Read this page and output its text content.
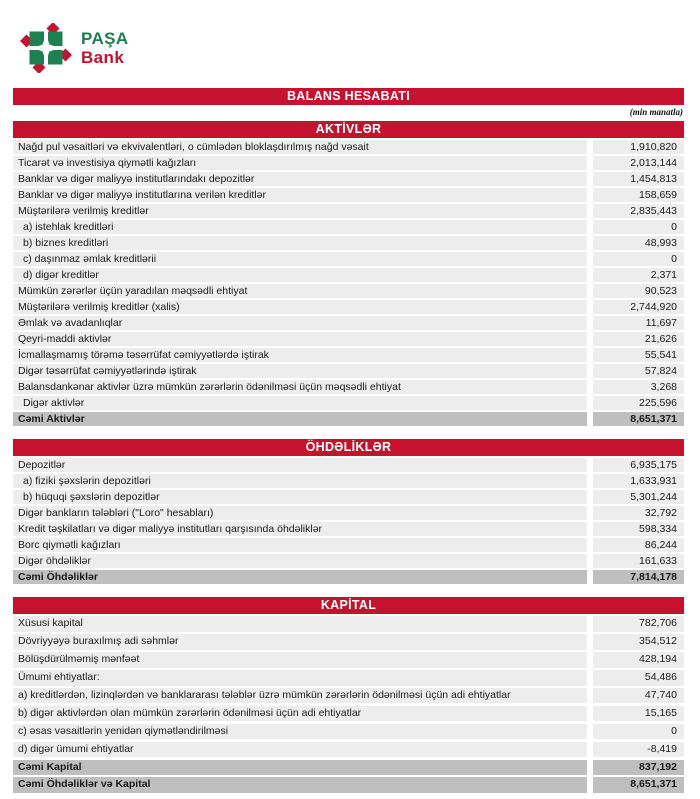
PAŞA
Bank
BALANS HESABATI
(min manatla)
AKTİVLƏR
Nağd pul vəsaitləri və ekvivalentləri, o cümlədən bloklaşdırılmış nağd vəsait	1,910,820
Ticarət və investisiya qiymətli kağızları	2,013,144
Banklar və digər maliyyə institutlarındakı depozitlər	1,454,813
Banklar və digər maliyyə institutlarına verilən kreditlər	158,659
Müştərilərə verilmiş kreditlər	2,835,443
a) istehlak kreditləri	0
b) biznes kreditləri	48,993
c) daşınmaz əmlak kreditlərii	0
d) digər kreditlər	2,371
Mümkün zərərlər üçün yaradılan məqsədli ehtiyat	90,523
Müştərilərə verilmiş kreditlər (xalis)	2,744,920
Əmlak və avadanlıqlar	11,697
Qeyri-maddi aktivlər	21,626
İcmallaşmamış törəmə təsərrüfat cəmiyyətlərdə iştirak	55,541
Digər təsərrüfat cəmiyyətlərində iştirak	57,824
Balansdankənar aktivlər üzrə mümkün zərərlərin ödənilməsi üçün məqsədli ehtiyat	3,268
Digər aktivlər	225,596
Cəmi Aktivlər	8,651,371
ÖHDƏLİKLƏR
Depozitlər	6,935,175
a) fiziki şəxslərin depozitləri	1,633,931
b) hüquqi şəxslərin depozitlər	5,301,244
Digər bankların tələbləri ("Loro" hesabları)	32,792
Kredit təşkilatları və digər maliyyə institutları qarşısında öhdəliklər	598,334
Borc qiymətli kağızları	86,244
Digər öhdəliklər	161,633
Cəmi Öhdəliklər	7,814,178
KAPİTAL
Xüsusi kapital	782,706
Dövriyyəyə buraxılmış adi səhmlər	354,512
Bölüşdürülməmiş mənfəət	428,194
Ümumi ehtiyatlar:	54,486
a) kreditlərdən, lizinqlərdən və banklararası tələblər üzrə mümkün zərərlərin ödənilməsi üçün adi ehtiyatlar	47,740
b) digər aktivlərdən olan mümkün zərərlərin ödənilməsi üçün adi ehtiyatlar	15,165
c) əsas vəsaitlərin yenidən qiymətləndirilməsi	0
d) digər ümumi ehtiyatlar	-8,419
Cəmi Kapital	837,192
Cəmi Öhdəliklər və Kapital	8,651,371
